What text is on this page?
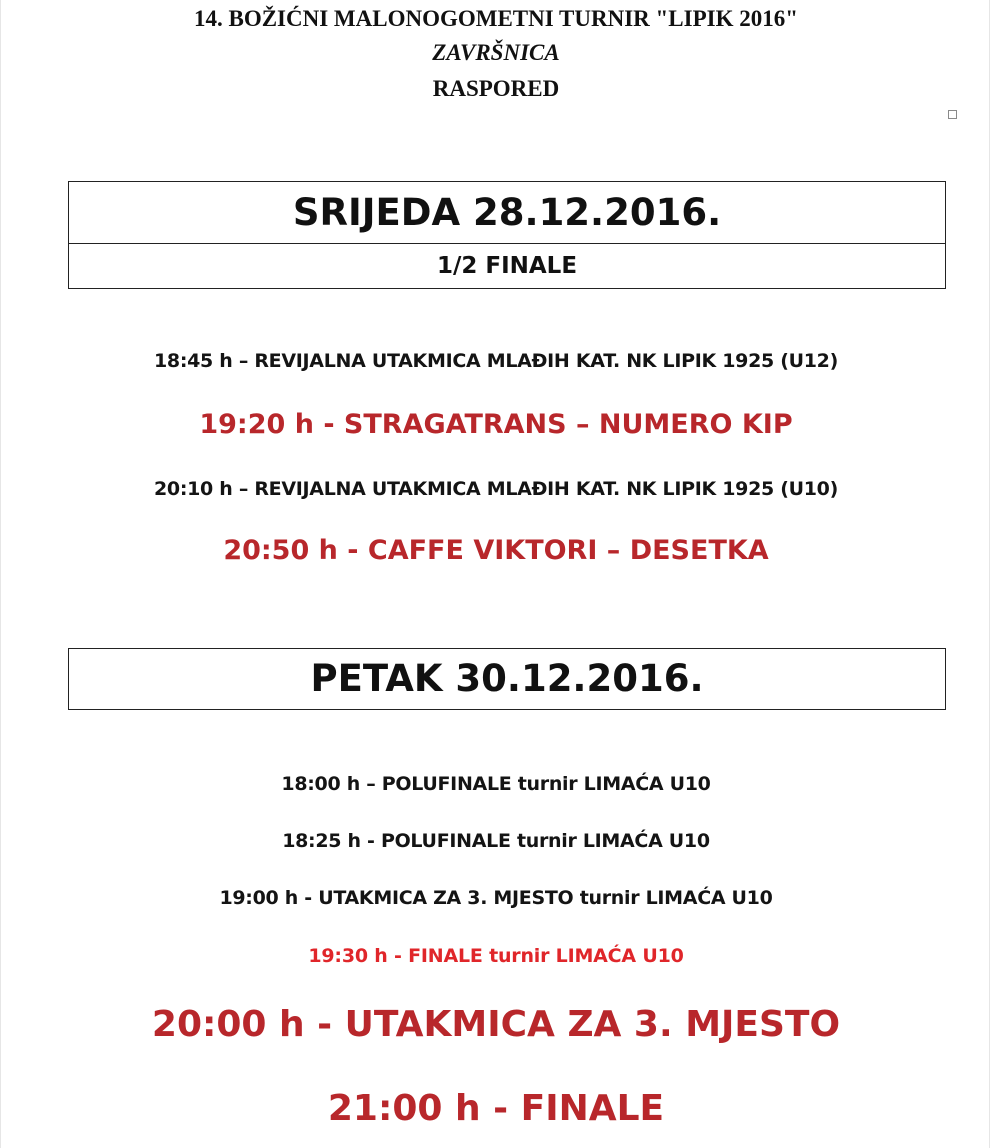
14. BOŽIĆNI MALONOGOMETNI TURNIR "LIPIK 2016"
ZAVRŠNICA
RASPORED
SRIJEDA 28.12.2016.
1/2 FINALE
18:45 h – REVIJALNA UTAKMICA MLAĐIH KAT. NK LIPIK 1925 (U12)
19:20 h - STRAGATRANS – NUMERO KIP
20:10 h – REVIJALNA UTAKMICA MLAĐIH KAT. NK LIPIK 1925 (U10)
20:50 h - CAFFE VIKTORI – DESETKA
PETAK 30.12.2016.
18:00 h – POLUFINALE turnir LIMAĆA U10
18:25 h - POLUFINALE turnir LIMAĆA U10
19:00 h - UTAKMICA ZA 3. MJESTO turnir LIMAĆA U10
19:30 h - FINALE turnir LIMAĆA U10
20:00 h - UTAKMICA ZA 3. MJESTO
21:00 h - FINALE
